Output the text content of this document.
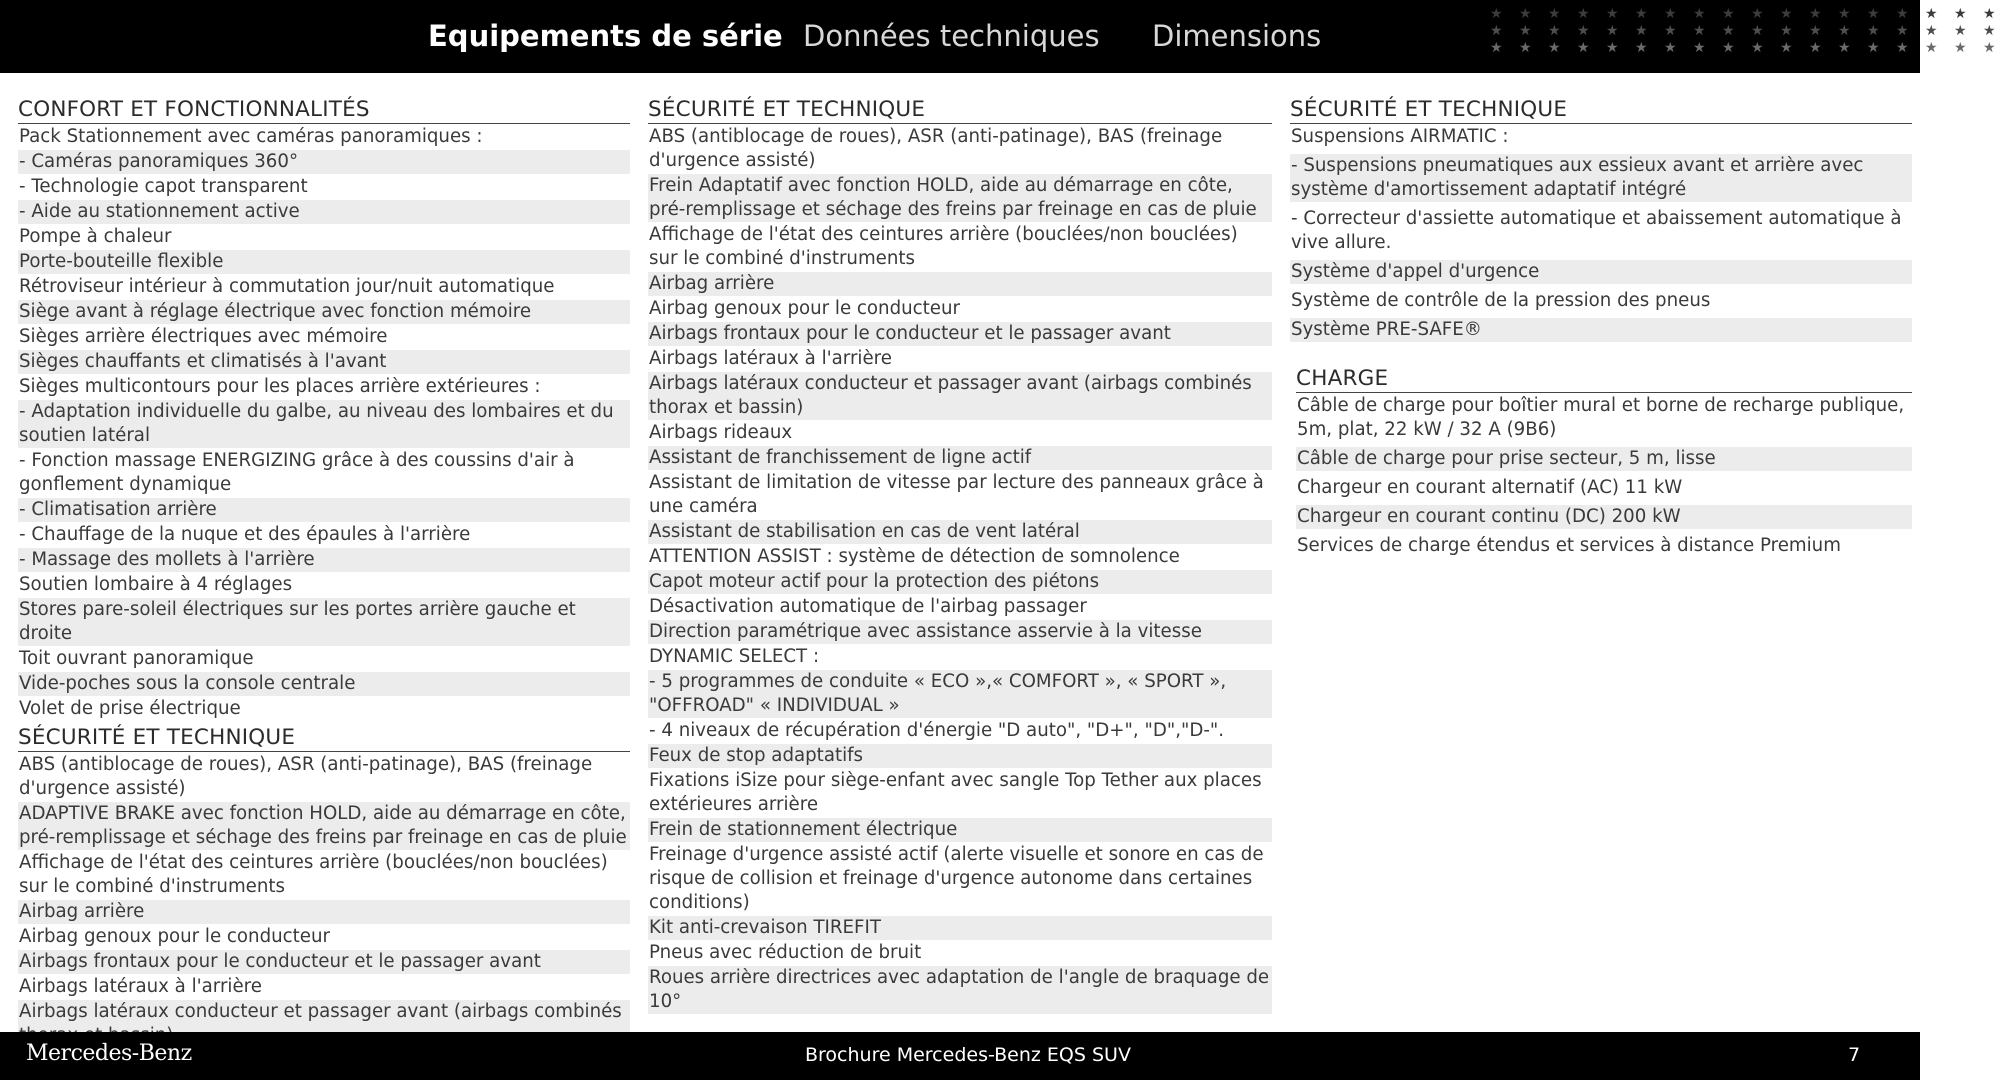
★ ★ ★ ★ ★ ★ ★ ★ ★ ★ ★ ★ ★ ★ ★ ★ ★ ★
★ ★ ★ ★ ★ ★ ★ ★ ★ ★ ★ ★ ★ ★ ★ ★ ★ ★
★ ★ ★ ★ ★ ★ ★ ★ ★ ★ ★ ★ ★ ★ ★ ★ ★ ★
Equipements de série Données techniques Dimensions
CONFORT ET FONCTIONNALITÉS
Pack Stationnement avec caméras panoramiques :
- Caméras panoramiques 360°
- Technologie capot transparent
- Aide au stationnement active
Pompe à chaleur
Porte-bouteille flexible
Rétroviseur intérieur à commutation jour/nuit automatique
Siège avant à réglage électrique avec fonction mémoire
Sièges arrière électriques avec mémoire
Sièges chauffants et climatisés à l'avant
Sièges multicontours pour les places arrière extérieures :
- Adaptation individuelle du galbe, au niveau des lombaires et du soutien latéral
- Fonction massage ENERGIZING grâce à des coussins d'air à gonflement dynamique
- Climatisation arrière
- Chauffage de la nuque et des épaules à l'arrière
- Massage des mollets à l'arrière
Soutien lombaire à 4 réglages
Stores pare-soleil électriques sur les portes arrière gauche et droite
Toit ouvrant panoramique
Vide-poches sous la console centrale
Volet de prise électrique
SÉCURITÉ ET TECHNIQUE
ABS (antiblocage de roues), ASR (anti-patinage), BAS (freinage d'urgence assisté)
ADAPTIVE BRAKE avec fonction HOLD, aide au démarrage en côte, pré-remplissage et séchage des freins par freinage en cas de pluie
Affichage de l'état des ceintures arrière (bouclées/non bouclées) sur le combiné d'instruments
Airbag arrière
Airbag genoux pour le conducteur
Airbags frontaux pour le conducteur et le passager avant
Airbags latéraux à l'arrière
Airbags latéraux conducteur et passager avant (airbags combinés
SÉCURITÉ ET TECHNIQUE
ABS (antiblocage de roues), ASR (anti-patinage), BAS (freinage d'urgence assisté)
Frein Adaptatif avec fonction HOLD, aide au démarrage en côte, pré-remplissage et séchage des freins par freinage en cas de pluie
Affichage de l'état des ceintures arrière (bouclées/non bouclées) sur le combiné d'instruments
Airbag arrière
Airbag genoux pour le conducteur
Airbags frontaux pour le conducteur et le passager avant
Airbags latéraux à l'arrière
Airbags latéraux conducteur et passager avant (airbags combinés thorax et bassin)
Airbags rideaux
Assistant de franchissement de ligne actif
Assistant de limitation de vitesse par lecture des panneaux grâce à une caméra
Assistant de stabilisation en cas de vent latéral
ATTENTION ASSIST : système de détection de somnolence
Capot moteur actif pour la protection des piétons
Désactivation automatique de l'airbag passager
Direction paramétrique avec assistance asservie à la vitesse
DYNAMIC SELECT :
- 5 programmes de conduite « ECO »,« COMFORT », « SPORT », "OFFROAD" « INDIVIDUAL »
- 4 niveaux de récupération d'énergie "D auto", "D+", "D","D-".
Feux de stop adaptatifs
Fixations iSize pour siège-enfant avec sangle Top Tether aux places extérieures arrière
Frein de stationnement électrique
Freinage d'urgence assisté actif (alerte visuelle et sonore en cas de risque de collision et freinage d'urgence autonome dans certaines conditions)
Kit anti-crevaison TIREFIT
Pneus avec réduction de bruit
Roues arrière directrices avec adaptation de l'angle de braquage de 10°
SÉCURITÉ ET TECHNIQUE
Suspensions AIRMATIC :
- Suspensions pneumatiques aux essieux avant et arrière avec système d'amortissement adaptatif intégré
- Correcteur d'assiette automatique et abaissement automatique à vive allure.
Système d'appel d'urgence
Système de contrôle de la pression des pneus
Système PRE-SAFE®
CHARGE
Câble de charge pour boîtier mural et borne de recharge publique, 5m, plat, 22 kW / 32 A (9B6)
Câble de charge pour prise secteur, 5 m, lisse
Chargeur en courant alternatif (AC) 11 kW
Chargeur en courant continu (DC) 200 kW
Services de charge étendus et services à distance Premium
Mercedes-Benz	Brochure Mercedes-Benz EQS SUV	7
